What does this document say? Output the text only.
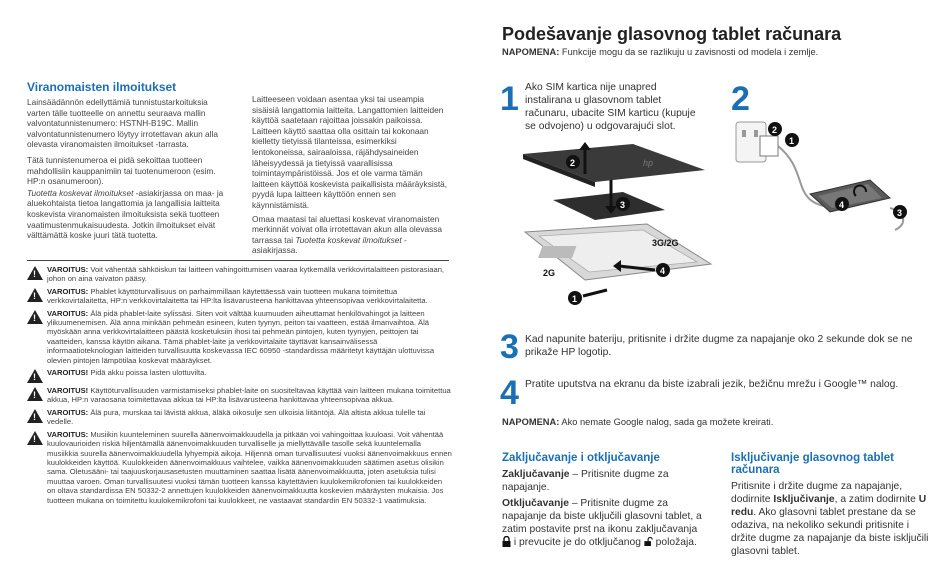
Viranomaisten ilmoitukset

Lainsäädännön edellyttämiä tunnistustarkoituksia varten tälle tuotteelle on annettu seuraava mallin valvontatunnistenumero: HSTNH-B19C. Mallin valvontatunnistenumero löytyy irrotettavan akun alla olevasta viranomaisten ilmoitukset -tarrasta.

Tätä tunnistenumeroa ei pidä sekoittaa tuotteen mahdollisiin kauppanimiin tai tuotenumeroon (esim. HP:n osanumeroon).

Tuotetta koskevat ilmoitukset -asiakirjassa on maa- ja aluekohtaista tietoa langattomia ja langallisia laitteita koskevista viranomaisten ilmoituksista sekä tuotteen vaatimustenmukaisuudesta. Jotkin ilmoitukset eivät välttämättä koske juuri tätä tuotetta.

Laitteeseen voidaan asentaa yksi tai useampia sisäisiä langattomia laitteita. Langattomien laitteiden käyttöä saatetaan rajoittaa joissakin paikoissa. Laitteen käyttö saattaa olla osittain tai kokonaan kielletty tietyissä tilanteissa, esimerkiksi lentokoneissa, sairaaloissa, räjähdysaineiden läheisyydessä ja tietyissä vaarallisissa toimintaympäristöissä. Jos et ole varma tämän laitteen käyttöä koskevista paikallisista määräyksistä, pyydä lupa laitteen käyttöön ennen sen käynnistämistä.

Omaa maatasi tai aluettasi koskevat viranomaisten merkinnät voivat olla irrotettavan akun alla olevassa tarrassa tai Tuotetta koskevat ilmoitukset -asiakirjassa.

!
VAROITUS: Voit vähentää sähköiskun tai laitteen vahingoittumisen vaaraa kytkemällä verkkovirtalaitteen pistorasiaan, johon on aina vaivaton pääsy.
!
VAROITUS: Phablet käyttöturvallisuus on parhaimmillaan käytettäessä vain tuotteen mukana toimitettua verkkovirtalaitetta, HP:n verkkovirtalaitetta tai HP:lta lisävarusteena hankittavaa yhteensopivaa verkkovirtalaitetta.
!
VAROITUS: Älä pidä phablet-laite sylissäsi. Siten voit välttää kuumuuden aiheuttamat henkilövahingot ja laitteen ylikuumenemisen. Älä anna minkään pehmeän esineen, kuten tyynyn, peiton tai vaatteen, estää ilmanvaihtoa. Älä myöskään anna verkkovirtalaitteen päästä kosketuksiin ihosi tai pehmeän pintojen, kuten tyynyjen, peittojen tai vaatteiden, kanssa käytön aikana. Tämä phablet-laite ja verkkovirtalaite täyttävät kansainvälisessä informaatioteknologian laitteiden turvallisuutta koskevassa IEC 60950 -standardissa määritetyt käyttäjän ulottuvissa olevien pintojen lämpötilaa koskevat määräykset.
!
VAROITUS! Pidä akku poissa lasten ulottuvilta.
!
VAROITUS! Käyttöturvallisuuden varmistamiseksi phablet-laite on suositeltavaa käyttää vain laitteen mukana toimitettua akkua, HP:n varaosana toimitettavaa akkua tai HP:lta lisävarusteena hankittavaa yhteensopivaa akkua.
!
VAROITUS: Älä pura, murskaa tai lävistä akkua, äläkä oikosulje sen ulkoisia liitäntöjä. Älä altista akkua tulelle tai vedelle.
!
VAROITUS: Musiikin kuunteleminen suurella äänenvoimakkuudella ja pitkään voi vahingoittaa kuuloasi. Voit vähentää kuulovaurioiden riskiä hiljentämällä äänenvoimakkuuden turvalliselle ja miellyttävälle tasolle sekä kuuntelemalla musiikkia suurella äänenvoimakkuudella lyhyempiä aikoja. Hiljennä oman turvallisuutesi vuoksi äänenvoimakkuus ennen kuulokkeiden käyttöä. Kuulokkeiden äänenvoimakkuus vaihtelee, vaikka äänenvoimakkuuden säätimen asetus olisikin sama. Oletusääni- tai taajuuskorjausasetusten muuttaminen saattaa lisätä äänenvoimakkuutta, joten asetuksia tulisi muuttaa varoen. Oman turvallisuutesi vuoksi tämän tuotteen kanssa käytettävien kuulokemikrofonien tai kuulokkeiden on oltava standardissa EN 50332-2 annettujen kuulokkeiden äänenvoimakkuutta koskevien määräysten mukaisia. Jos tuotteen mukana on toimitettu kuulokemikrofoni tai kuulokkeet, ne vastaavat standardin EN 50332-1 vaatimuksia.
Podešavanje glasovnog tablet računara
NAPOMENA: Funkcije mogu da se razlikuju u zavisnosti od modela i zemlje.
1 Ako SIM kartica nije unapred instalirana u glasovnom tablet računaru, ubacite SIM karticu (kupuje se odvojeno) u odgovarajući slot.
2
hp
2
3
4
1
3G/2G
2G
2
1
4
3
3 Kad napunite bateriju, pritisnite i držite dugme za napajanje oko 2 sekunde dok se ne prikaže HP logotip.
4 Pratite uputstva na ekranu da biste izabrali jezik, bežičnu mrežu i Google™ nalog.
NAPOMENA: Ako nemate Google nalog, sada ga možete kreirati.
Zaključavanje i otključavanje

Zaključavanje – Pritisnite dugme za napajanje.

Otključavanje – Pritisnite dugme za napajanje da biste uključili glasovni tablet, a zatim postavite prst na ikonu zaključavanja  i prevucite je do otključanog  položaja.

Isključivanje glasovnog tablet računara

Pritisnite i držite dugme za napajanje, dodirnite Isključivanje, a zatim dodirnite U redu. Ako glasovni tablet prestane da se odaziva, na nekoliko sekundi pritisnite i držite dugme za napajanje da biste isključili glasovni tablet.
